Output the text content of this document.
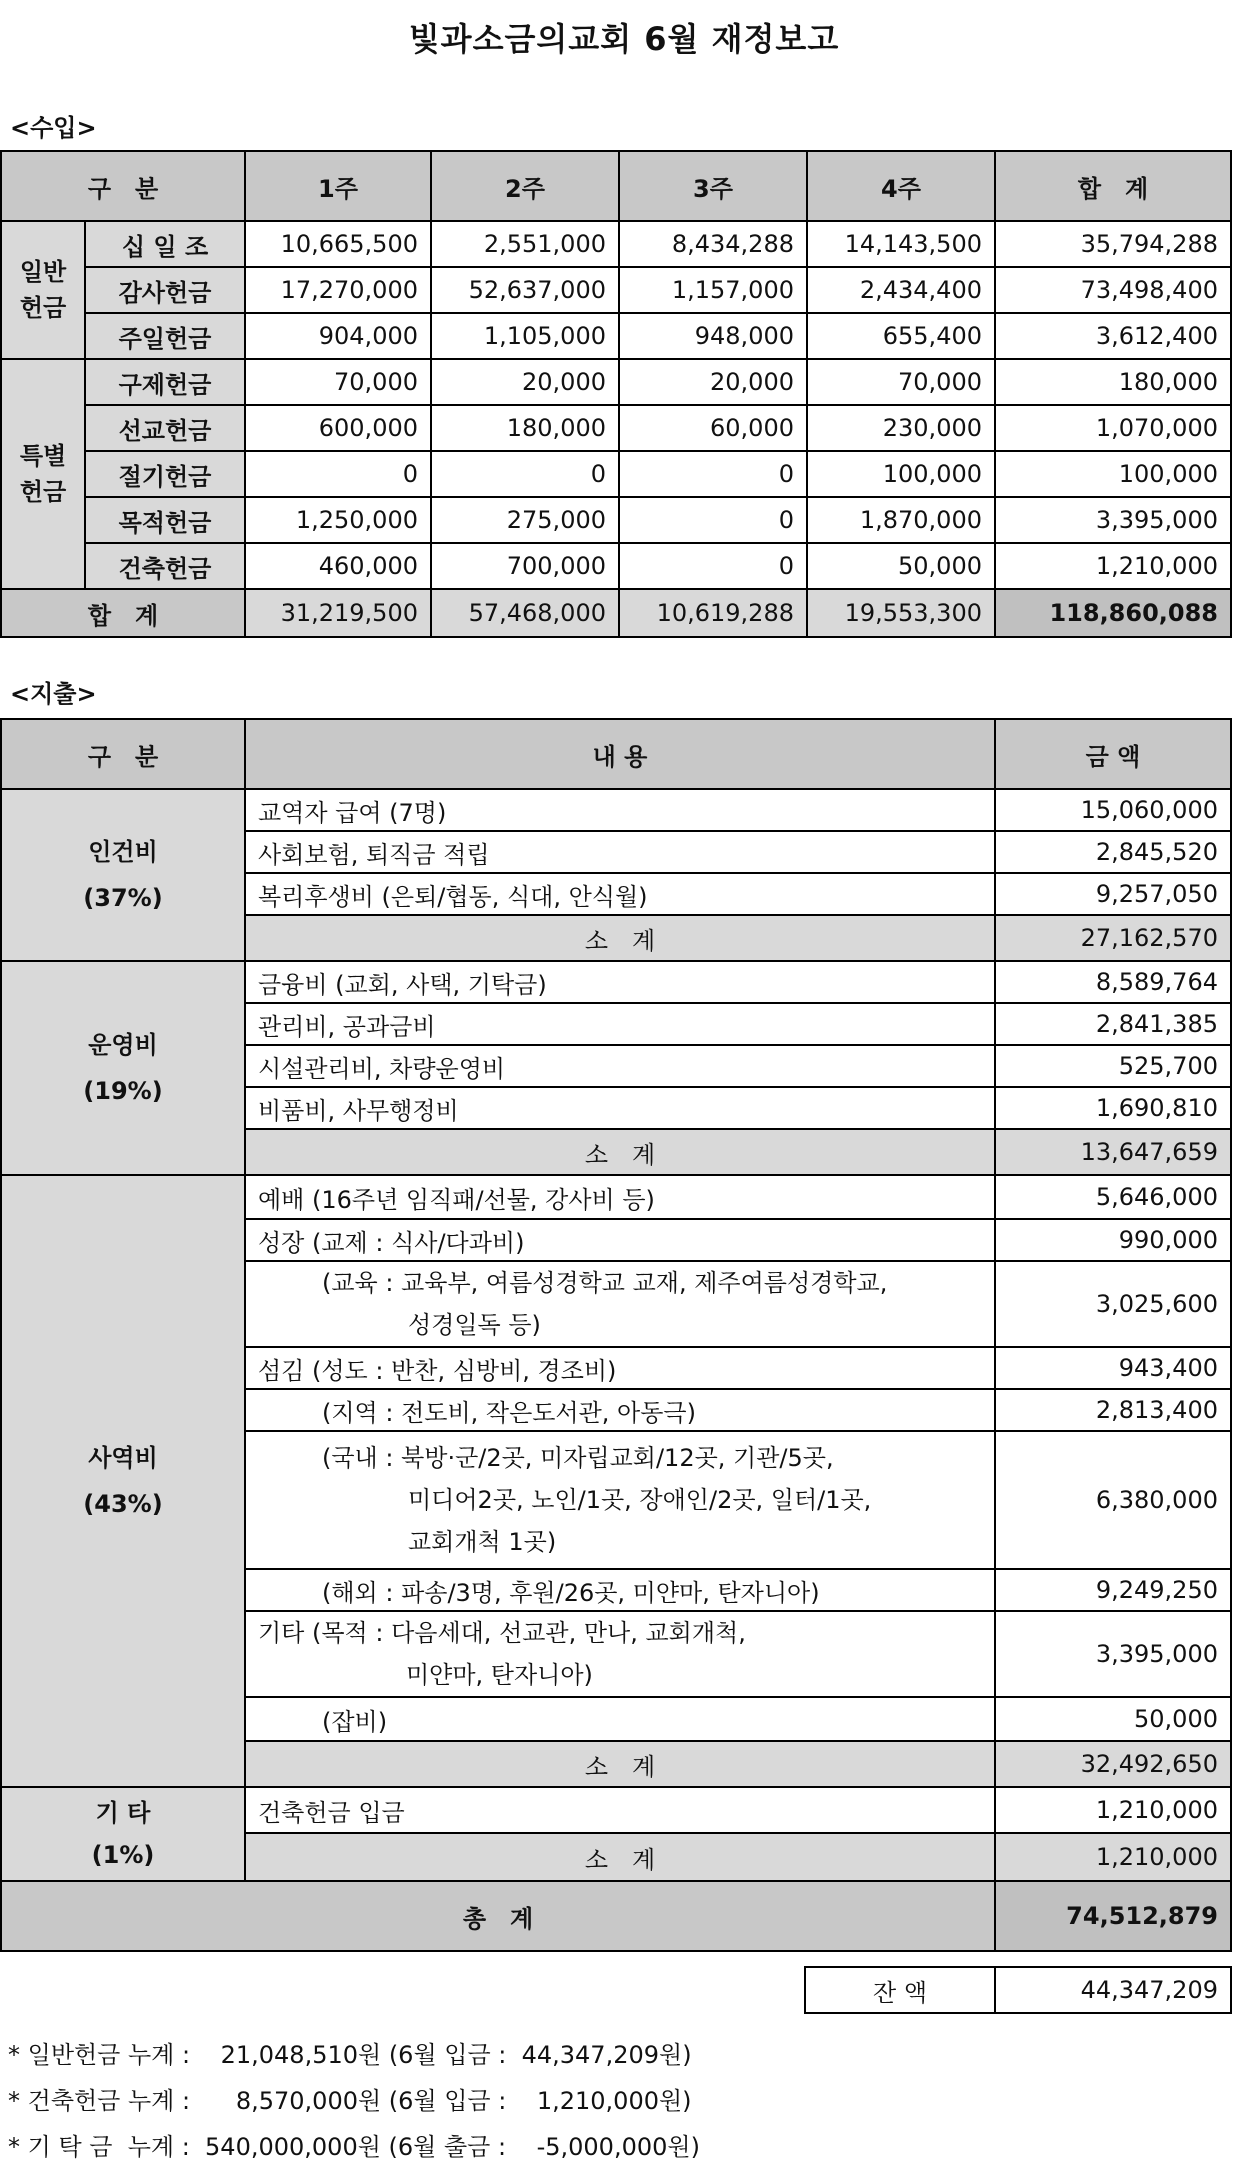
빛과소금의교회 6월 재정보고
<수입>
구　분		1주	2주	3주	4주	합　계
일반
헌금	십 일 조	10,665,500	2,551,000	8,434,288	14,143,500	35,794,288
	감사헌금	17,270,000	52,637,000	1,157,000	2,434,400	73,498,400
	주일헌금	904,000	1,105,000	948,000	655,400	3,612,400
특별
헌금	구제헌금	70,000	20,000	20,000	70,000	180,000
	선교헌금	600,000	180,000	60,000	230,000	1,070,000
	절기헌금	0	0	0	100,000	100,000
	목적헌금	1,250,000	275,000	0	1,870,000	3,395,000
	건축헌금	460,000	700,000	0	50,000	1,210,000
합　계		31,219,500	57,468,000	10,619,288	19,553,300	118,860,088
<지출>
구　분	내 용	금 액

인건비
(37%)	교역자 급여 (7명)	15,060,000
	사회보험, 퇴직금 적립	2,845,520
	복리후생비 (은퇴/협동, 식대, 안식월)	9,257,050
	소　계	27,162,570

운영비
(19%)	금융비 (교회, 사택, 기탁금)	8,589,764
	관리비, 공과금비	2,841,385
	시설관리비, 차량운영비	525,700
	비품비, 사무행정비	1,690,810
	소　계	13,647,659

사역비
(43%)	예배 (16주년 임직패/선물, 강사비 등)	5,646,000
	성장 (교제 : 식사/다과비)	990,000

	(교육 : 교육부, 여름성경학교 교재, 제주여름성경학교,
성경일독 등)	3,025,600
	섬김 (성도 : 반찬, 심방비, 경조비)	943,400
	(지역 : 전도비, 작은도서관, 아동극)	2,813,400

	(국내 : 북방·군/2곳, 미자립교회/12곳, 기관/5곳,
미디어2곳, 노인/1곳, 장애인/2곳, 일터/1곳,
교회개척 1곳)	6,380,000
	(해외 : 파송/3명, 후원/26곳, 미얀마, 탄자니아)	9,249,250

	기타 (목적 : 다음세대, 선교관, 만나, 교회개척,
미얀마, 탄자니아)	3,395,000
	(잡비)	50,000
	소　계	32,492,650

기 타
(1%)	건축헌금 입금	1,210,000
	소　계	1,210,000
총　계		74,512,879
잔 액	44,347,209
* 일반헌금 누계 :    21,048,510원 (6월 입금 :  44,347,209원)
* 건축헌금 누계 :      8,570,000원 (6월 입금 :    1,210,000원)
* 기 탁 금  누계 :  540,000,000원 (6월 출금 :    -5,000,000원)
